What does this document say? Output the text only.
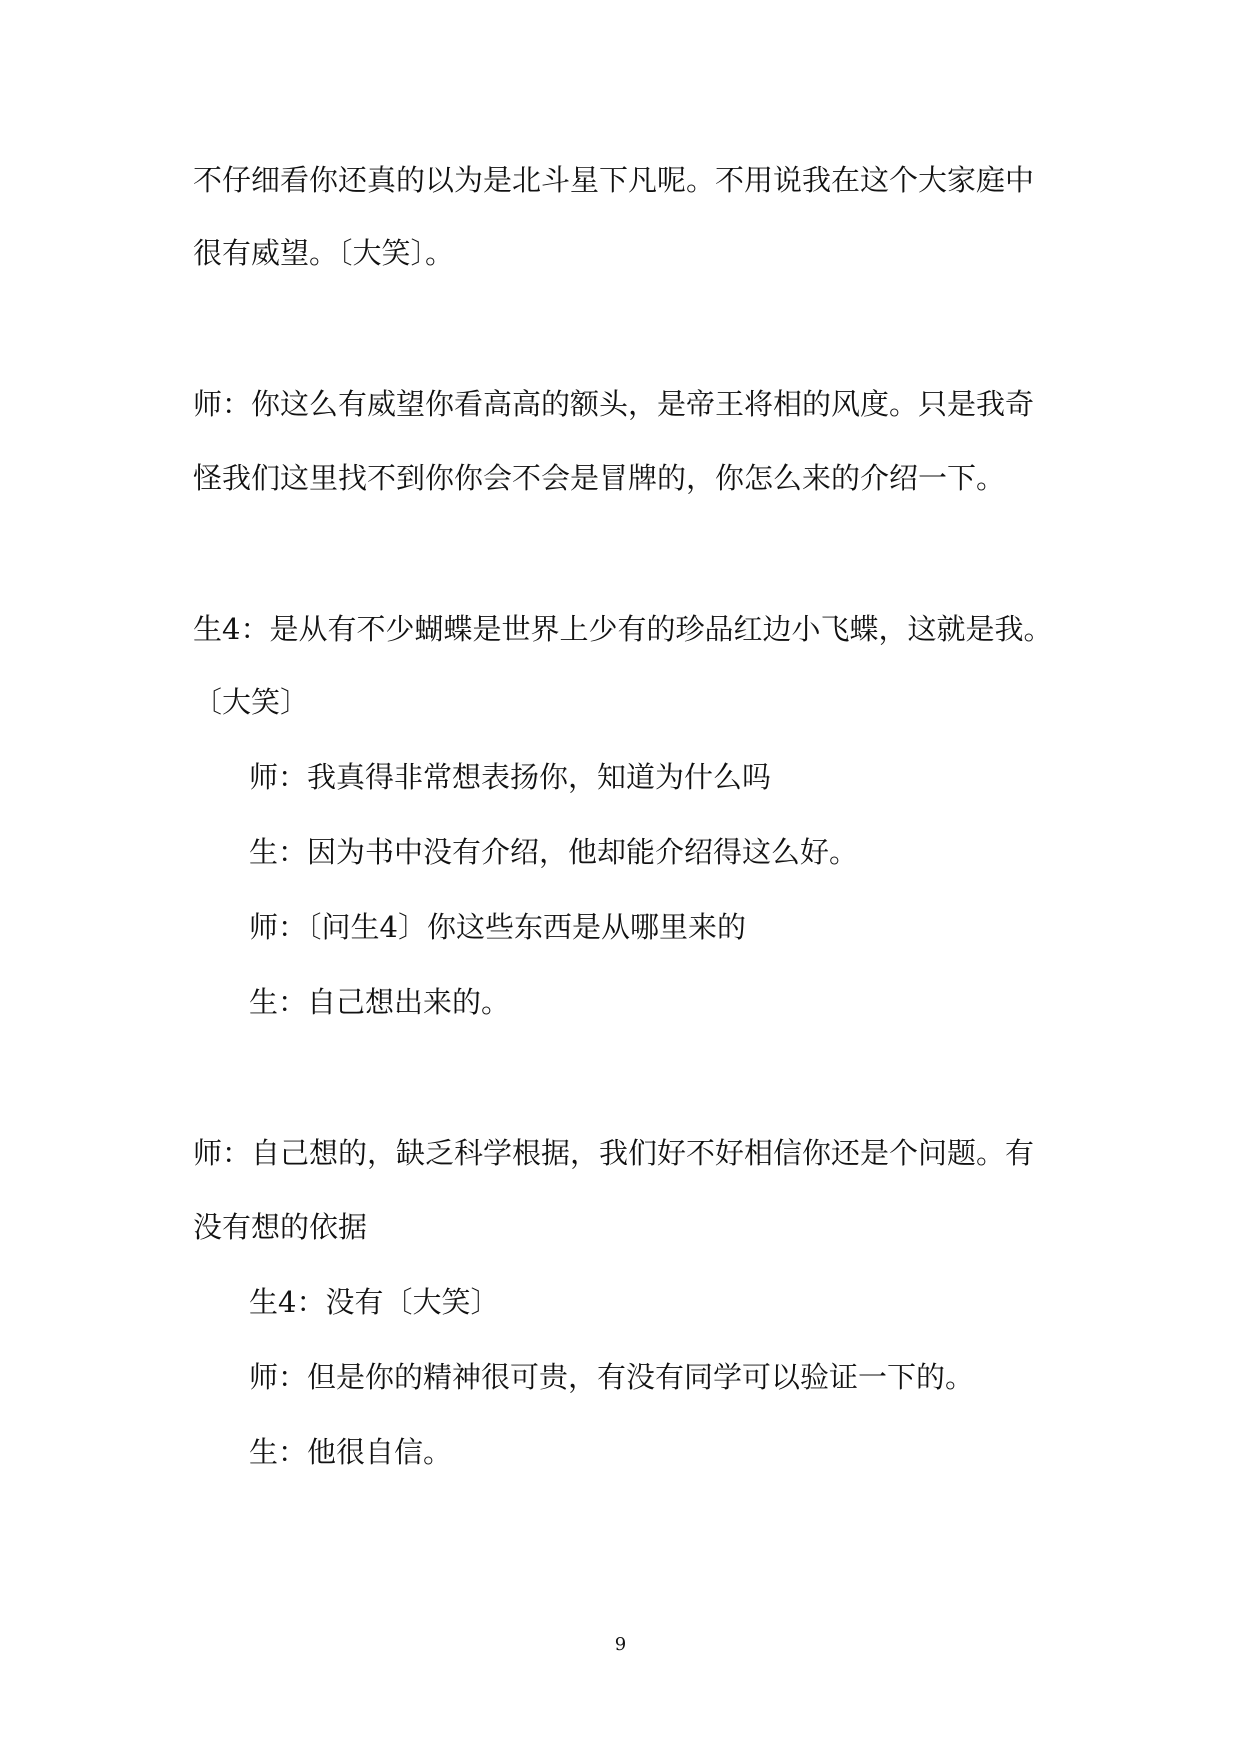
不仔细看你还真的以为是北斗星下凡呢。不用说我在这个大家庭中
很有威望。〔大笑〕。
师：你这么有威望你看高高的额头，是帝王将相的风度。只是我奇
怪我们这里找不到你你会不会是冒牌的，你怎么来的介绍一下。
生4：是从有不少蝴蝶是世界上少有的珍品红边小飞蝶，这就是我。
〔大笑〕
师：我真得非常想表扬你，知道为什么吗
生：因为书中没有介绍，他却能介绍得这么好。
师：〔问生4〕你这些东西是从哪里来的
生：自己想出来的。
师：自己想的，缺乏科学根据，我们好不好相信你还是个问题。有
没有想的依据
生4：没有〔大笑〕
师：但是你的精神很可贵，有没有同学可以验证一下的。
生：他很自信。
9
